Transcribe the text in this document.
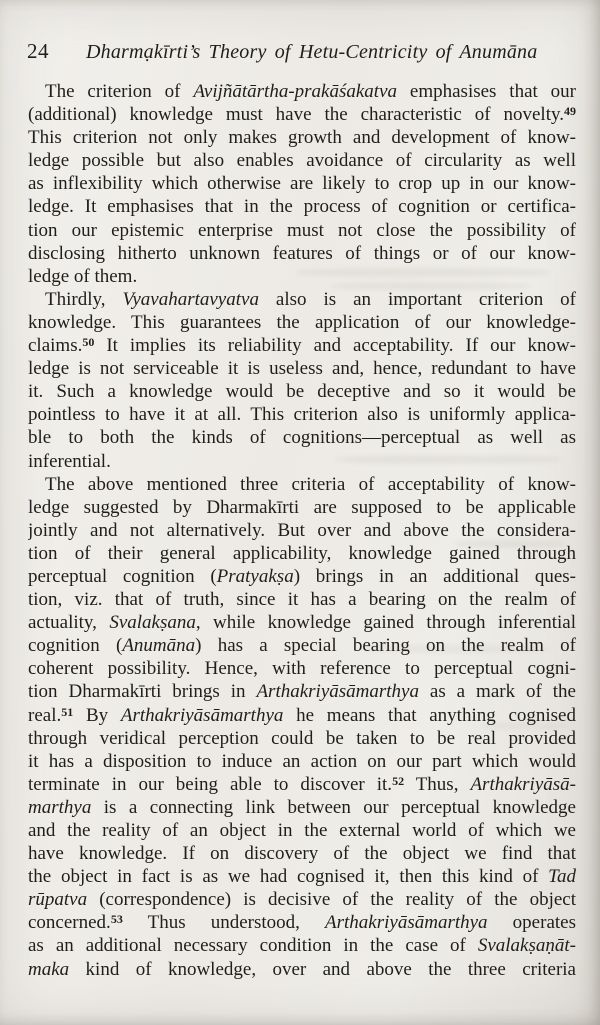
24 Dharmạkīrti’s Theory of Hetu-Centricity of Anumāna
The criterion of Avijñātārtha-prakāśakatva emphasises that our
(additional) knowledge must have the characteristic of novelty.$^{49}$
This criterion not only makes growth and development of know-
ledge possible but also enables avoidance of circularity as well
as inflexibility which otherwise are likely to crop up in our know-
ledge. It emphasises that in the process of cognition or certifica-
tion our epistemic enterprise must not close the possibility of
disclosing hitherto unknown features of things or of our know-
ledge of them.
Thirdly, Vyavahartavyatva also is an important criterion of
knowledge. This guarantees the application of our knowledge-
claims.$^{50}$ It implies its reliability and acceptability. If our know-
ledge is not serviceable it is useless and, hence, redundant to have
it. Such a knowledge would be deceptive and so it would be
pointless to have it at all. This criterion also is uniformly applica-
ble to both the kinds of cognitions—perceptual as well as
inferential.
The above mentioned three criteria of acceptability of know-
ledge suggested by Dharmakīrti are supposed to be applicable
jointly and not alternatively. But over and above the considera-
tion of their general applicability, knowledge gained through
perceptual cognition (Pratyakṣa) brings in an additional ques-
tion, viz. that of truth, since it has a bearing on the realm of
actuality, Svalakṣana, while knowledge gained through inferential
cognition (Anumāna) has a special bearing on the realm of
coherent possibility. Hence, with reference to perceptual cogni-
tion Dharmakīrti brings in Arthakriyāsāmarthya as a mark of the
real.$^{51}$ By Arthakriyāsāmarthya he means that anything cognised
through veridical perception could be taken to be real provided
it has a disposition to induce an action on our part which would
terminate in our being able to discover it.$^{52}$ Thus, Arthakriyāsā-
marthya is a connecting link between our perceptual knowledge
and the reality of an object in the external world of which we
have knowledge. If on discovery of the object we find that
the object in fact is as we had cognised it, then this kind of Tad
rūpatva (correspondence) is decisive of the reality of the object
concerned.$^{53}$ Thus understood, Arthakriyāsāmarthya operates
as an additional necessary condition in the case of Svalakṣaṇāt-
maka kind of knowledge, over and above the three criteria
